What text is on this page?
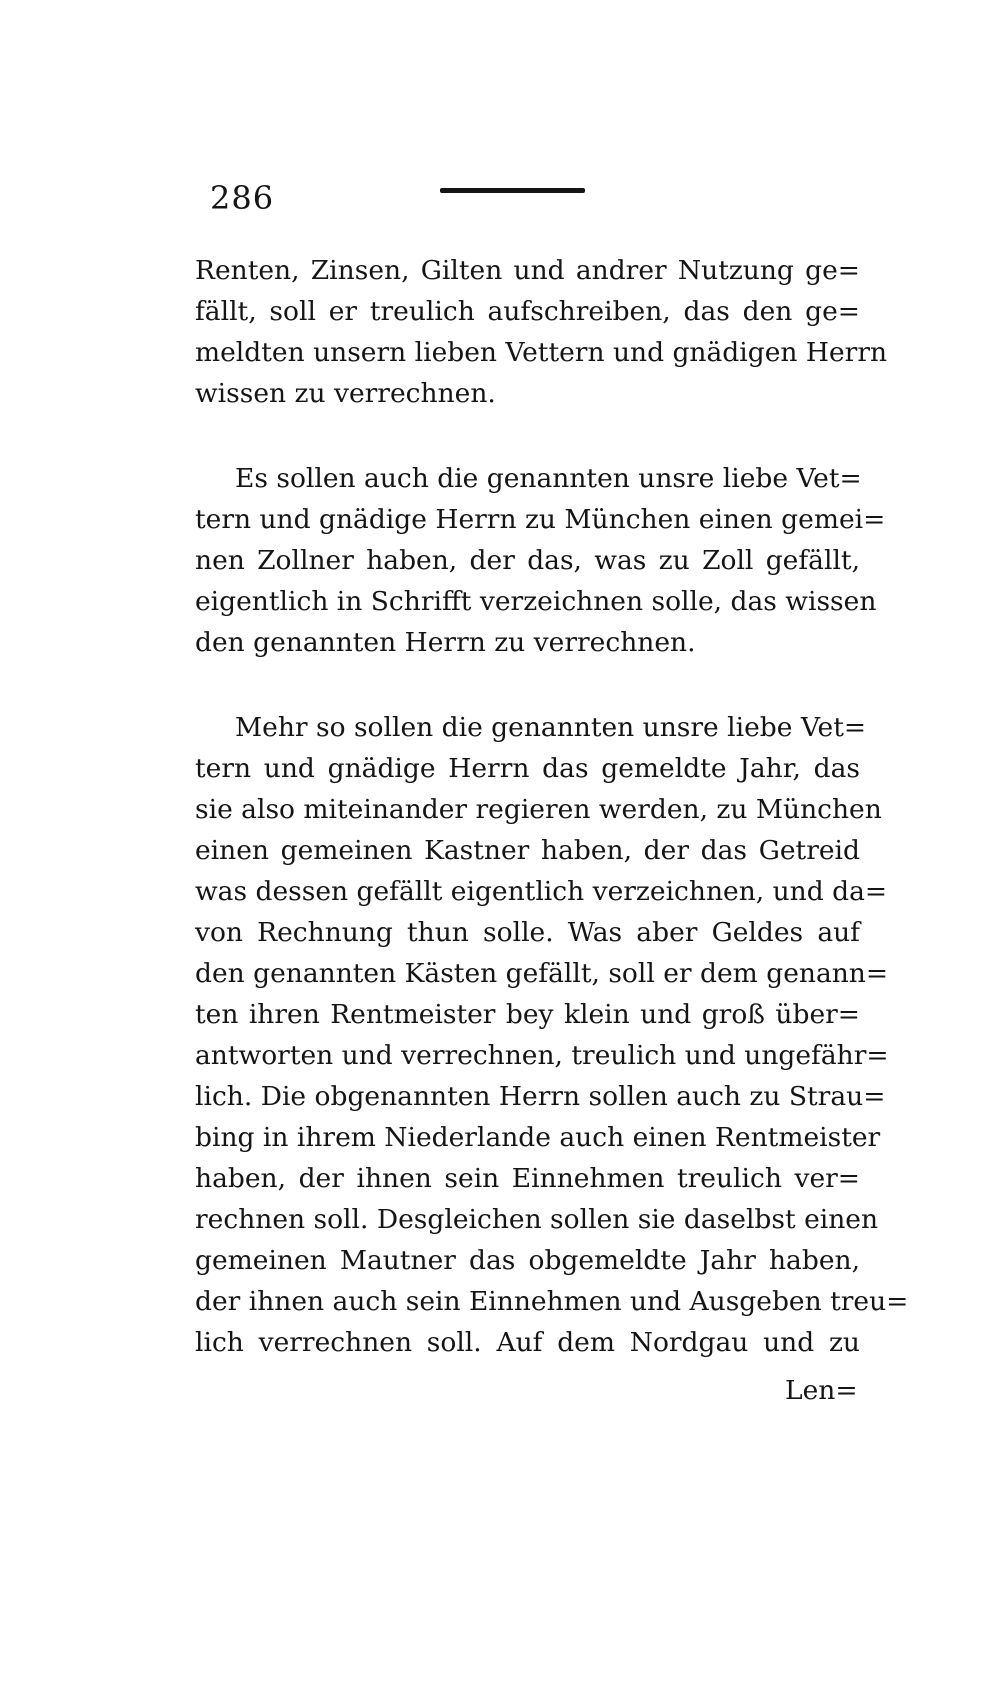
286
Renten, Zinsen, Gilten und andrer Nutzung ge=
fällt, soll er treulich aufschreiben, das den ge=
meldten unsern lieben Vettern und gnädigen Herrn
wissen zu verrechnen.
Es sollen auch die genannten unsre liebe Vet=
tern und gnädige Herrn zu München einen gemei=
nen Zollner haben, der das, was zu Zoll gefällt,
eigentlich in Schrifft verzeichnen solle, das wissen
den genannten Herrn zu verrechnen.
Mehr so sollen die genannten unsre liebe Vet=
tern und gnädige Herrn das gemeldte Jahr, das
sie also miteinander regieren werden, zu München
einen gemeinen Kastner haben, der das Getreid
was dessen gefällt eigentlich verzeichnen, und da=
von Rechnung thun solle. Was aber Geldes auf
den genannten Kästen gefällt, soll er dem genann=
ten ihren Rentmeister bey klein und groß über=
antworten und verrechnen, treulich und ungefähr=
lich. Die obgenannten Herrn sollen auch zu Strau=
bing in ihrem Niederlande auch einen Rentmeister
haben, der ihnen sein Einnehmen treulich ver=
rechnen soll. Desgleichen sollen sie daselbst einen
gemeinen Mautner das obgemeldte Jahr haben,
der ihnen auch sein Einnehmen und Ausgeben treu=
lich verrechnen soll. Auf dem Nordgau und zu
Len=
